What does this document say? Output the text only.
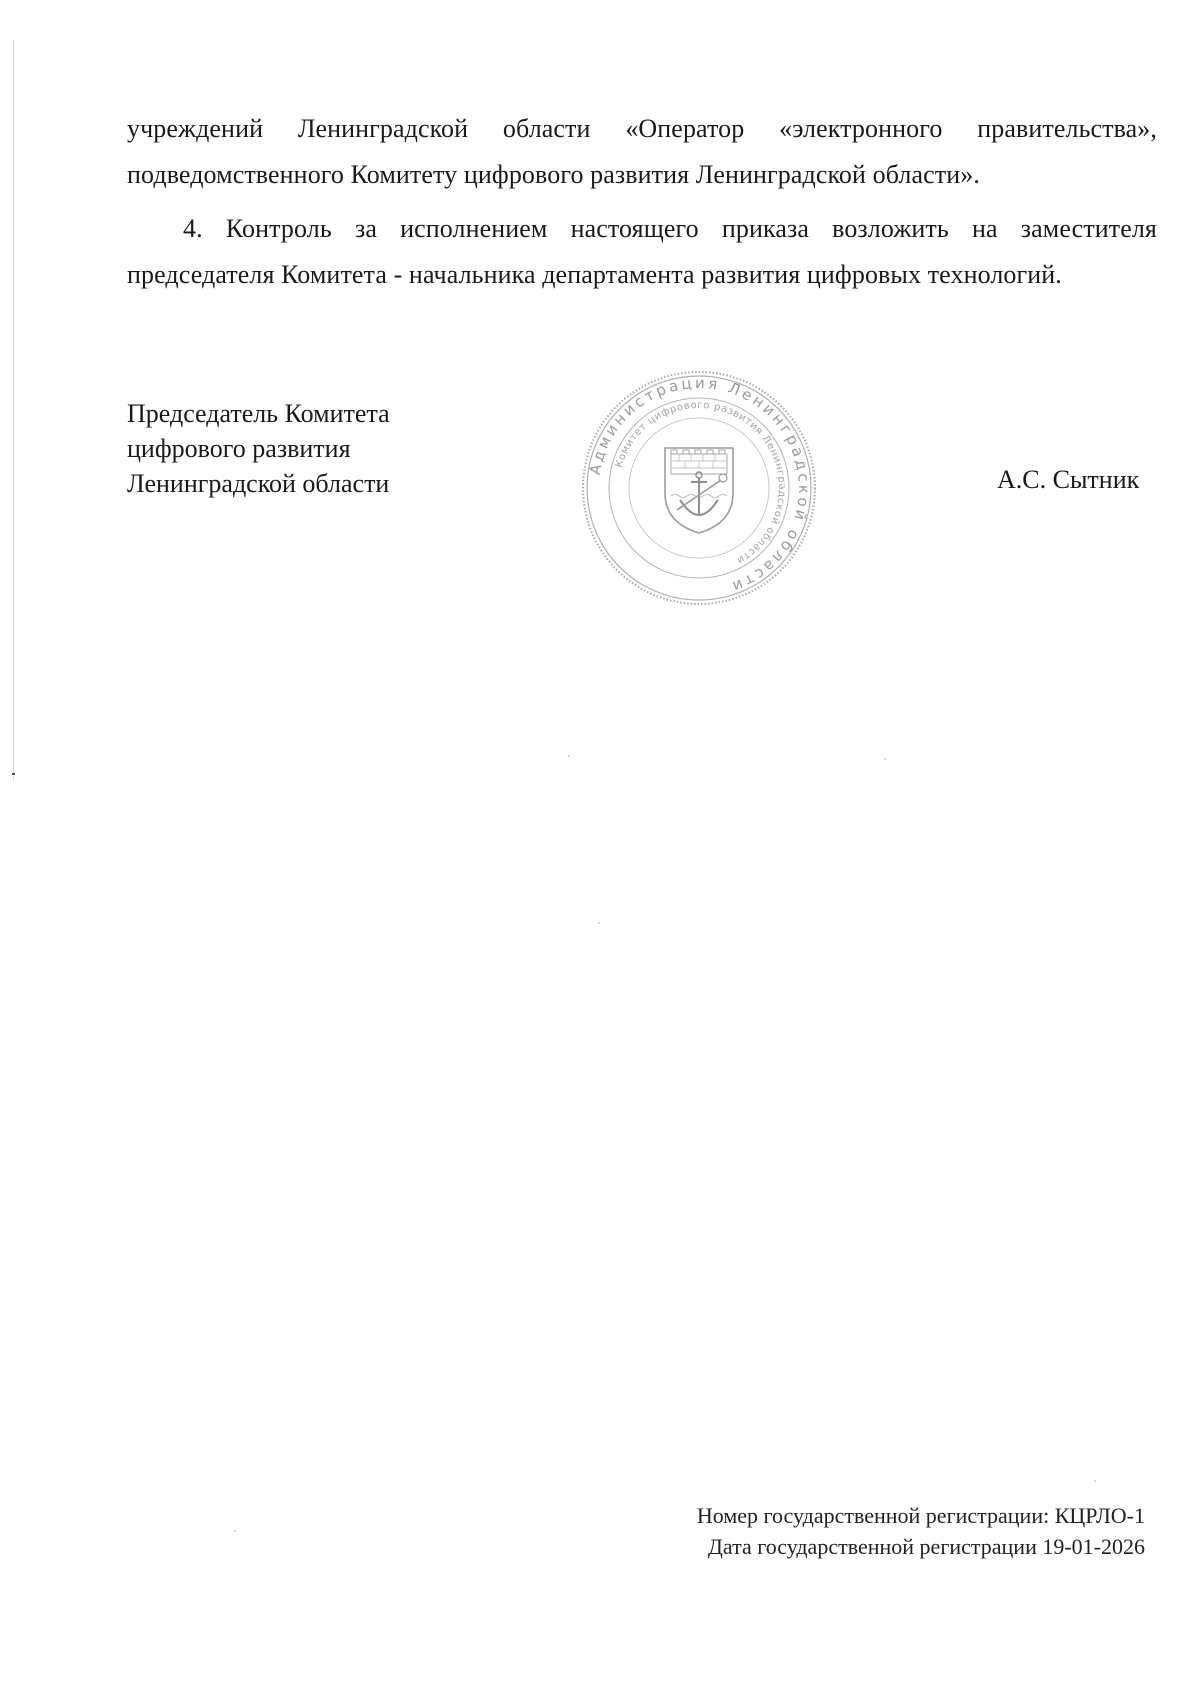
учреждений Ленинградской области «Оператор «электронного правительства», подведомственного Комитету цифрового развития Ленинградской области».

4. Контроль за исполнением настоящего приказа возложить на заместителя председателя Комитета - начальника департамента развития цифровых технологий.

Председатель Комитета
цифрового развития
Ленинградской области
Администрация Ленинградской области
Комитет цифрового развития Ленинградской области
А.С. Сытник
Номер государственной регистрации: КЦРЛО-1
Дата государственной регистрации 19-01-2026
